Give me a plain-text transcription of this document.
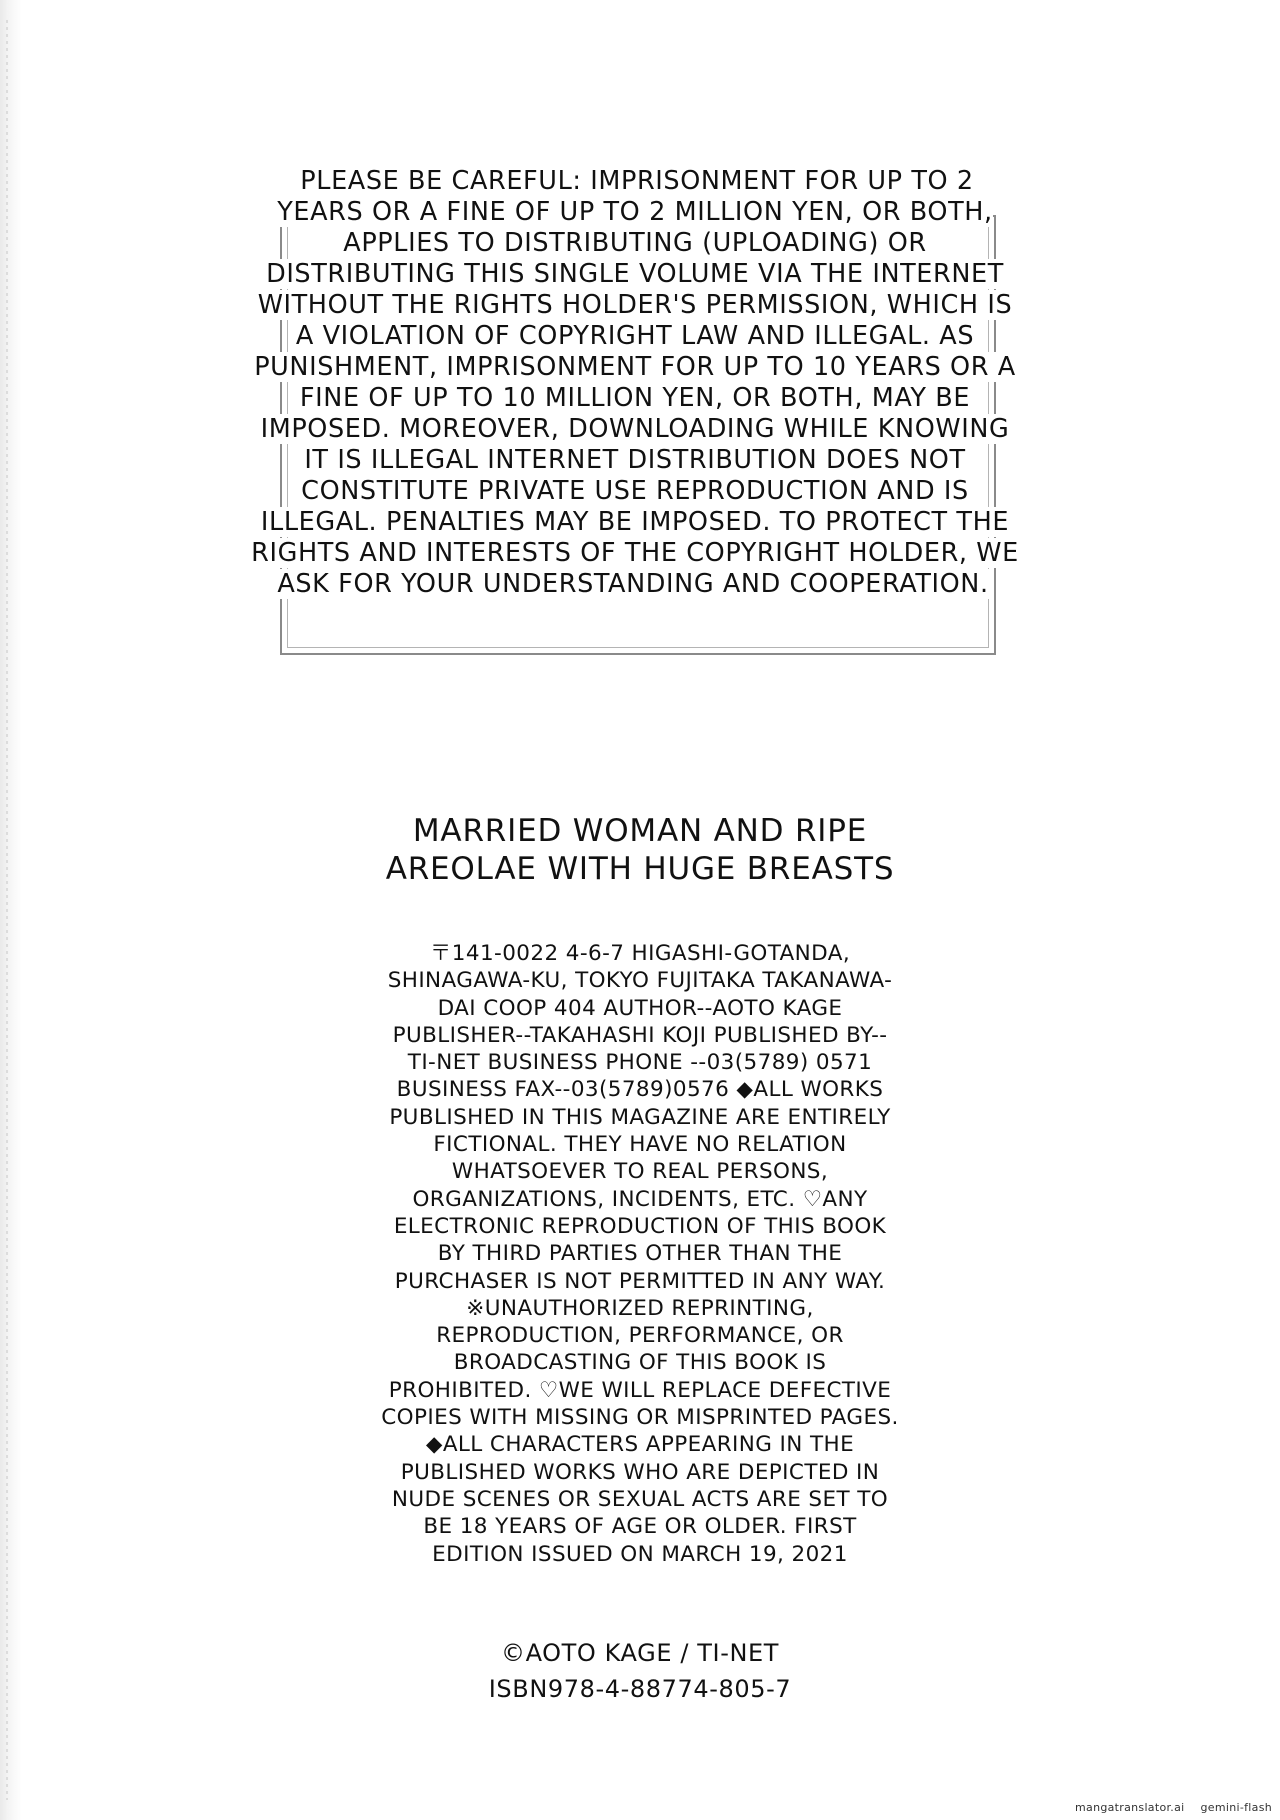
PLEASE BE CAREFUL: IMPRISONMENT FOR UP TO 2 YEARS OR A FINE OF UP TO 2 MILLION YEN, OR BOTH, APPLIES TO DISTRIBUTING (UPLOADING) OR DISTRIBUTING THIS SINGLE VOLUME VIA THE INTERNET WITHOUT THE RIGHTS HOLDER'S PERMISSION, WHICH IS A VIOLATION OF COPYRIGHT LAW AND ILLEGAL. AS PUNISHMENT, IMPRISONMENT FOR UP TO 10 YEARS OR A FINE OF UP TO 10 MILLION YEN, OR BOTH, MAY BE IMPOSED. MOREOVER, DOWNLOADING WHILE KNOWING IT IS ILLEGAL INTERNET DISTRIBUTION DOES NOT CONSTITUTE PRIVATE USE REPRODUCTION AND IS ILLEGAL. PENALTIES MAY BE IMPOSED. TO PROTECT THE RIGHTS AND INTERESTS OF THE COPYRIGHT HOLDER, WE ASK FOR YOUR UNDERSTANDING AND COOPERATION.

MARRIED WOMAN AND RIPE AREOLAE WITH HUGE BREASTS

〒141-0022 4-6-7 HIGASHI-GOTANDA, SHINAGAWA-KU, TOKYO FUJITAKA TAKANAWA-DAI COOP 404 AUTHOR--AOTO KAGE PUBLISHER--TAKAHASHI KOJI PUBLISHED BY--TI-NET BUSINESS PHONE --03(5789) 0571 BUSINESS FAX--03(5789)0576 ◆ALL WORKS PUBLISHED IN THIS MAGAZINE ARE ENTIRELY FICTIONAL. THEY HAVE NO RELATION WHATSOEVER TO REAL PERSONS, ORGANIZATIONS, INCIDENTS, ETC. ♡ANY ELECTRONIC REPRODUCTION OF THIS BOOK BY THIRD PARTIES OTHER THAN THE PURCHASER IS NOT PERMITTED IN ANY WAY. ※UNAUTHORIZED REPRINTING, REPRODUCTION, PERFORMANCE, OR BROADCASTING OF THIS BOOK IS PROHIBITED. ♡WE WILL REPLACE DEFECTIVE COPIES WITH MISSING OR MISPRINTED PAGES. ◆ALL CHARACTERS APPEARING IN THE PUBLISHED WORKS WHO ARE DEPICTED IN NUDE SCENES OR SEXUAL ACTS ARE SET TO BE 18 YEARS OF AGE OR OLDER. FIRST EDITION ISSUED ON MARCH 19, 2021

©AOTO KAGE / TI-NET
ISBN978-4-88774-805-7
mangatranslator.ai gemini-flash
